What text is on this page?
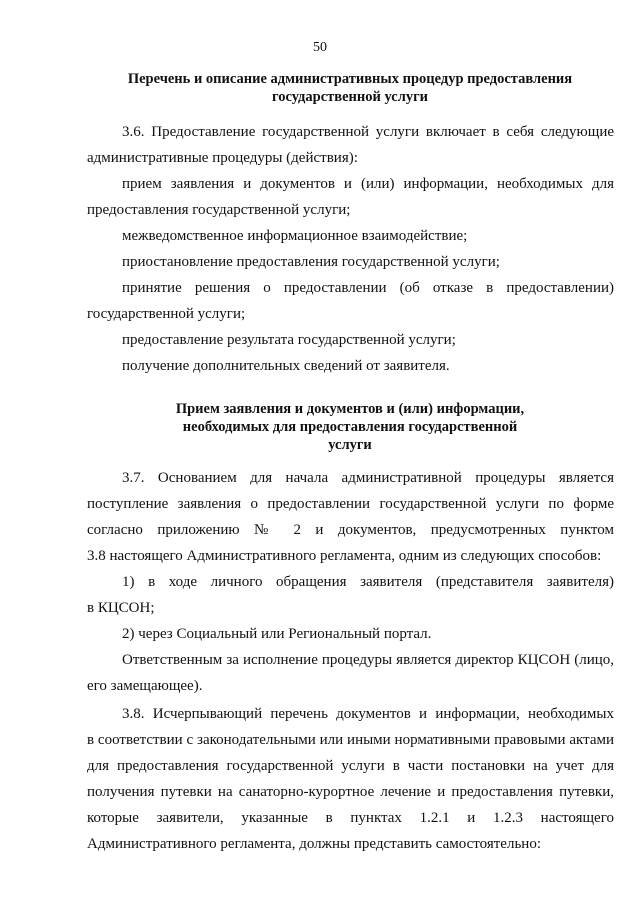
50
Перечень и описание административных процедур предоставления
государственной услуги
3.6. Предоставление государственной услуги включает в себя следующие
административные процедуры (действия):
прием заявления и документов и (или) информации, необходимых для
предоставления государственной услуги;
межведомственное информационное взаимодействие;
приостановление предоставления государственной услуги;
принятие решения о предоставлении (об отказе в предоставлении)
государственной услуги;
предоставление результата государственной услуги;
получение дополнительных сведений от заявителя.
Прием заявления и документов и (или) информации,
необходимых для предоставления государственной
услуги
3.7. Основанием для начала административной процедуры является
поступление заявления о предоставлении государственной услуги по форме
согласно приложению № 2 и документов, предусмотренных пунктом
3.8 настоящего Административного регламента, одним из следующих способов:
1) в ходе личного обращения заявителя (представителя заявителя)
в КЦСОН;
2) через Социальный или Региональный портал.
Ответственным за исполнение процедуры является директор КЦСОН (лицо,
его замещающее).
3.8. Исчерпывающий перечень документов и информации, необходимых
в соответствии с законодательными или иными нормативными правовыми актами
для предоставления государственной услуги в части постановки на учет для
получения путевки на санаторно-курортное лечение и предоставления путевки,
которые заявители, указанные в пунктах 1.2.1 и 1.2.3 настоящего
Административного регламента, должны представить самостоятельно:
